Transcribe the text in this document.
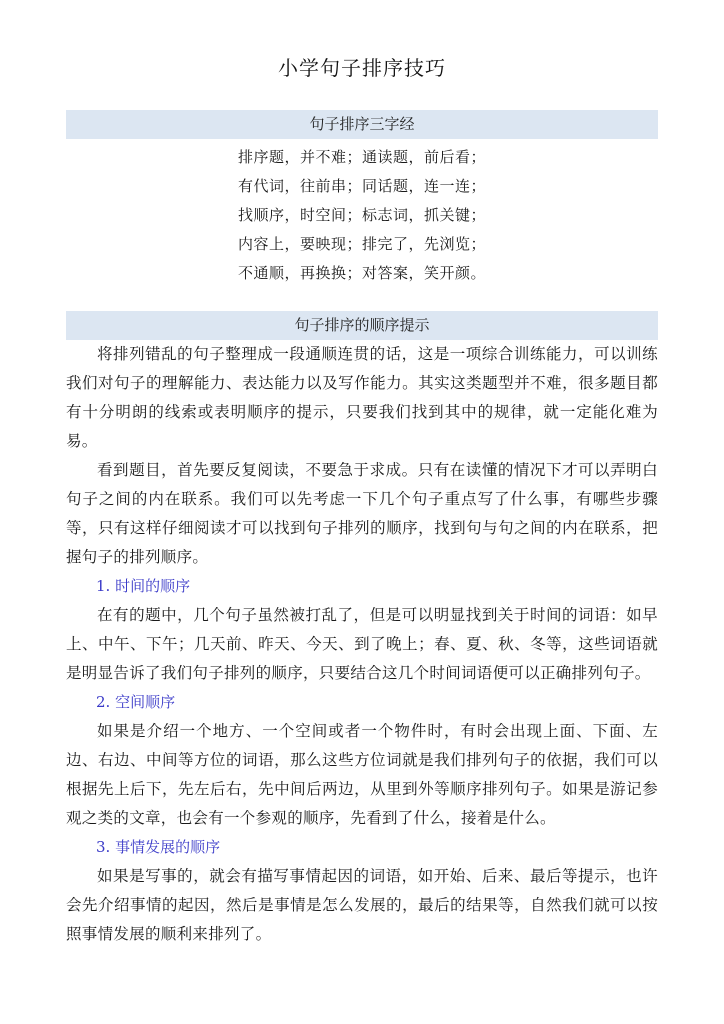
小学句子排序技巧
句子排序三字经
排序题，并不难；通读题，前后看；
有代词，往前串；同话题，连一连；
找顺序，时空间；标志词，抓关键；
内容上，要映现；排完了，先浏览；
不通顺，再换换；对答案，笑开颜。
句子排序的顺序提示

将排列错乱的句子整理成一段通顺连贯的话，这是一项综合训练能力，可以训练我们对句子的理解能力、表达能力以及写作能力。其实这类题型并不难，很多题目都有十分明朗的线索或表明顺序的提示，只要我们找到其中的规律，就一定能化难为易。

看到题目，首先要反复阅读，不要急于求成。只有在读懂的情况下才可以弄明白句子之间的内在联系。我们可以先考虑一下几个句子重点写了什么事，有哪些步骤等，只有这样仔细阅读才可以找到句子排列的顺序，找到句与句之间的内在联系，把握句子的排列顺序。

1. 时间的顺序

在有的题中，几个句子虽然被打乱了，但是可以明显找到关于时间的词语：如早上、中午、下午；几天前、昨天、今天、到了晚上；春、夏、秋、冬等，这些词语就是明显告诉了我们句子排列的顺序，只要结合这几个时间词语便可以正确排列句子。

2. 空间顺序

如果是介绍一个地方、一个空间或者一个物件时，有时会出现上面、下面、左边、右边、中间等方位的词语，那么这些方位词就是我们排列句子的依据，我们可以根据先上后下，先左后右，先中间后两边，从里到外等顺序排列句子。如果是游记参观之类的文章，也会有一个参观的顺序，先看到了什么，接着是什么。

3. 事情发展的顺序

如果是写事的，就会有描写事情起因的词语，如开始、后来、最后等提示，也许会先介绍事情的起因，然后是事情是怎么发展的，最后的结果等，自然我们就可以按照事情发展的顺利来排列了。
